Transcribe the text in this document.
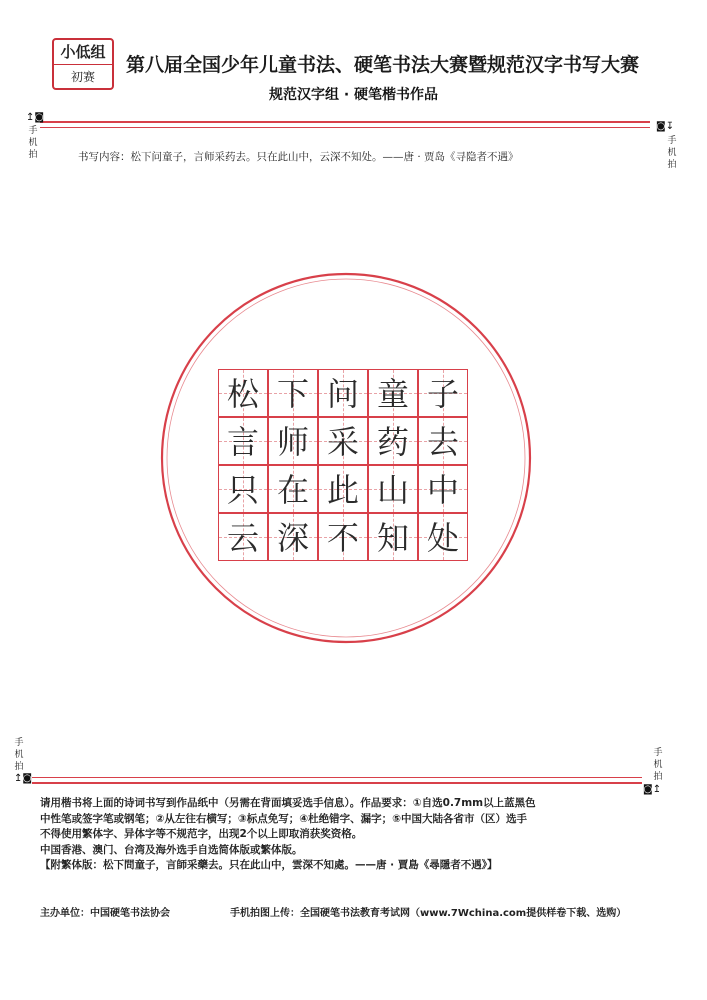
小低组
初赛
第八届全国少年儿童书法、硬笔书法大赛暨规范汉字书写大赛
规范汉字组 · 硬笔楷书作品
↥◙
手机拍
◙↧
手机拍
书写内容：松下问童子，言师采药去。只在此山中，云深不知处。——唐 · 贾岛《寻隐者不遇》
松 下 问 童 子
言 师 采 药 去
只 在 此 山 中
云 深 不 知 处
手机拍
↥◙
手机拍
◙↥
请用楷书将上面的诗词书写到作品纸中（另需在背面填妥选手信息）。作品要求：①自选0.7mm以上蓝黑色
中性笔或签字笔或钢笔；②从左往右横写；③标点免写；④杜绝错字、漏字；⑤中国大陆各省市（区）选手
不得使用繁体字、异体字等不规范字，出现2个以上即取消获奖资格。
中国香港、澳门、台湾及海外选手自选简体版或繁体版。
【附繁体版：松下問童子，言師采藥去。只在此山中，雲深不知處。——唐 · 賈島《尋隱者不遇》】
主办单位：中国硬笔书法协会	手机拍图上传：全国硬笔书法教育考试网（www.7Wchina.com提供样卷下载、选购）
